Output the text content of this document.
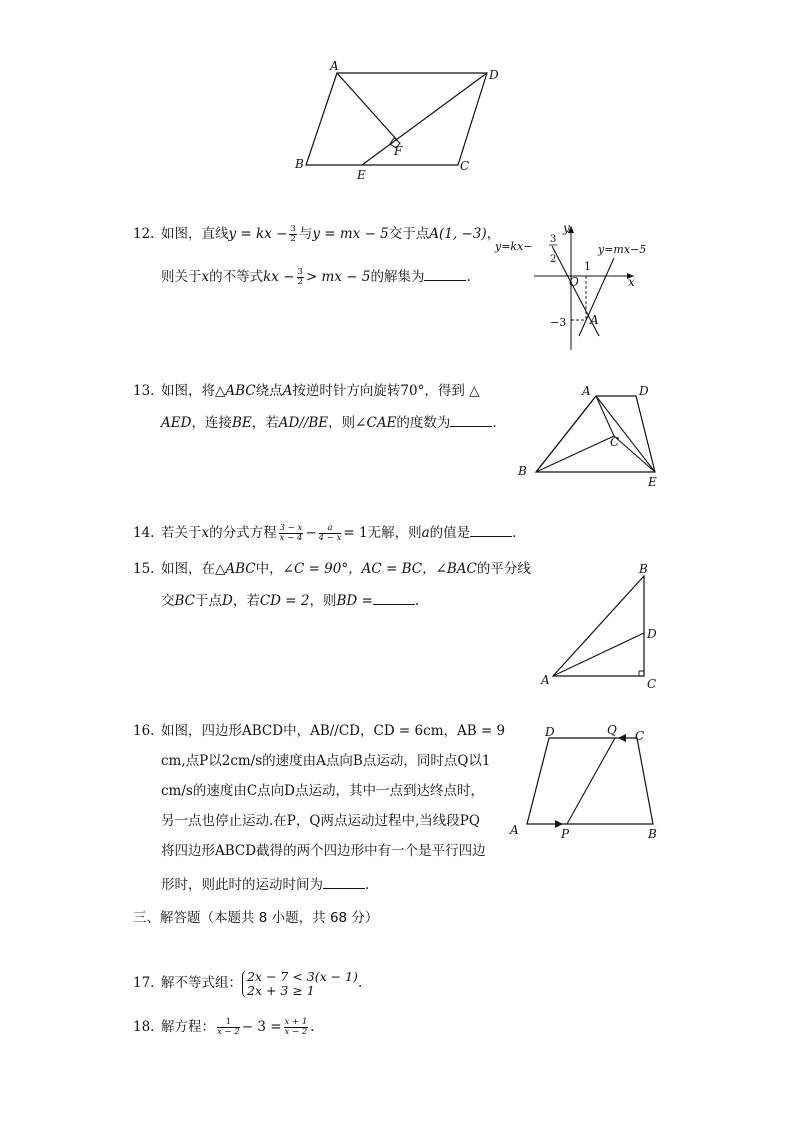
A
D
F
B
E
C
12. 如图，直线y = kx − $\frac{3}{2}$ 与y = mx − 5交于点A(1, −3)，
则关于x的不等式kx − $\frac{3}{2}$ > mx − 5的解集为	.
y
x
O
1
−3 A
y=kx−
3
2
y=mx−5
13. 如图，将△ABC绕点A按逆时针方向旋转70°，得到 △
AED，连接BE，若AD//BE，则∠CAE的度数为	.
A	D
C
B
E
14. 若关于x的分式方程 $\frac{3 - x}{x - 4} - \frac{a}{4 - x} = 1$无解，则a的值是	.
15. 如图，在△ABC中，∠C = 90°，AC = BC，∠BAC的平分线
交BC于点D，若CD = 2，则BD =	.
B
D
A	C
16. 如图，四边形ABCD中，AB//CD，CD = 6cm，AB = 9
cm,点P以2cm/s的速度由A点向B点运动，同时点Q以1
cm/s的速度由C点向D点运动，其中一点到达终点时，
另一点也停止运动.在P，Q两点运动过程中,当线段PQ
将四边形ABCD截得的两个四边形中有一个是平行四边
形时，则此时的运动时间为	.
D	Q C
A	P	B
三、解答题（本题共 8 小题，共 68 分）
17. 解不等式组： 2x − 7 < 3(x − 1)
2x + 3 ≥ 1	.
18. 解方程： $\frac{1}{x - 2} - 3 = \frac{x + 1}{x - 2}$ .
